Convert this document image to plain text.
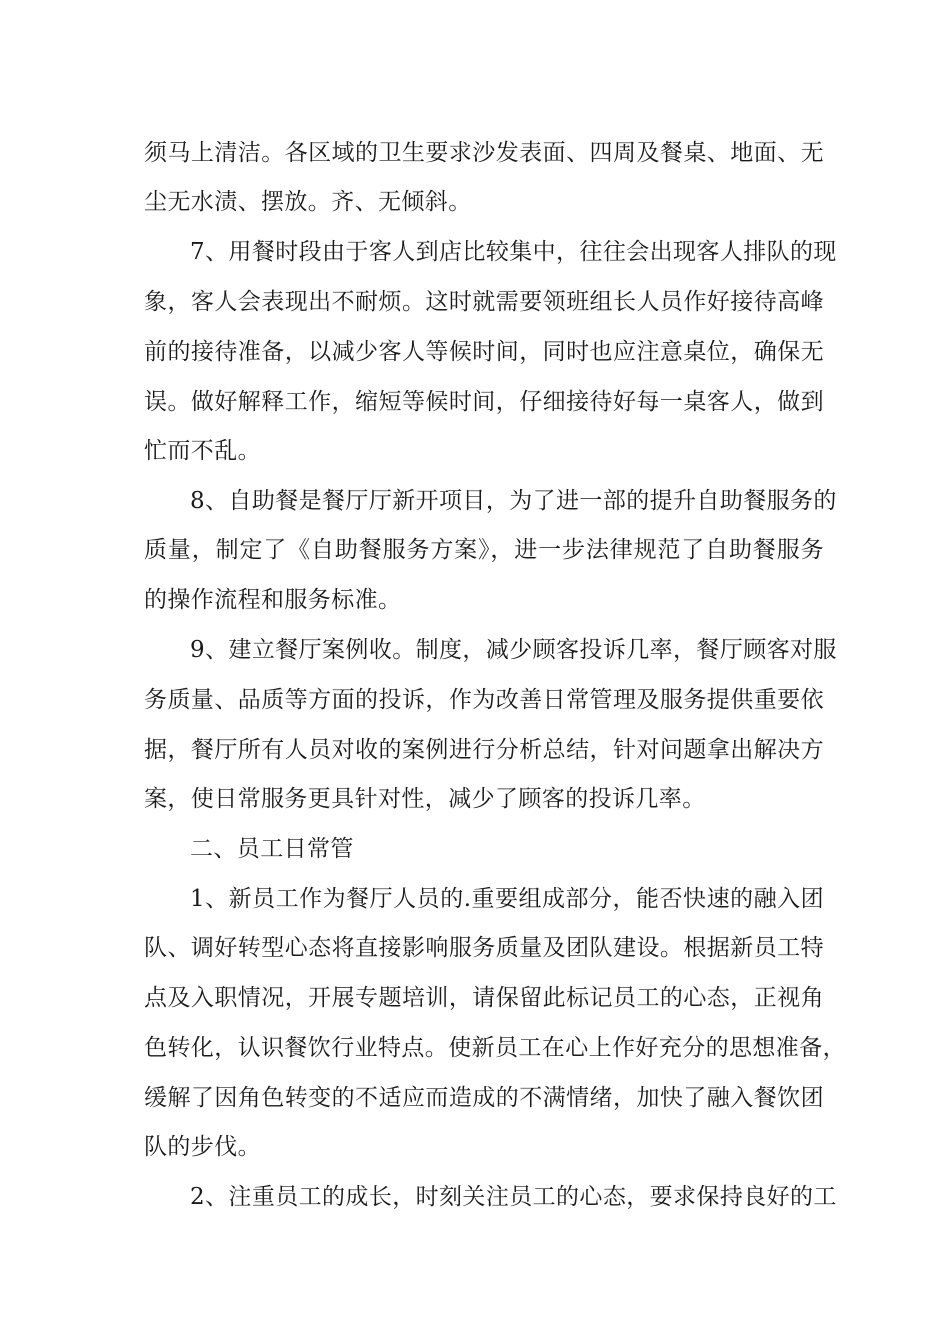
须马上清洁。各区域的卫生要求沙发表面、四周及餐桌、地面、无
尘无水渍、摆放。齐、无倾斜。
7、用餐时段由于客人到店比较集中，往往会出现客人排队的现
象，客人会表现出不耐烦。这时就需要领班组长人员作好接待高峰
前的接待准备，以减少客人等候时间，同时也应注意桌位，确保无
误。做好解释工作，缩短等候时间，仔细接待好每一桌客人，做到
忙而不乱。
8、自助餐是餐厅厅新开项目，为了进一部的提升自助餐服务的
质量，制定了《自助餐服务方案》，进一步法律规范了自助餐服务
的操作流程和服务标准。
9、建立餐厅案例收。制度，减少顾客投诉几率，餐厅顾客对服
务质量、品质等方面的投诉，作为改善日常管理及服务提供重要依
据，餐厅所有人员对收的案例进行分析总结，针对问题拿出解决方
案，使日常服务更具针对性，减少了顾客的投诉几率。
二、员工日常管
1、新员工作为餐厅人员的.重要组成部分，能否快速的融入团
队、调好转型心态将直接影响服务质量及团队建设。根据新员工特
点及入职情况，开展专题培训，请保留此标记员工的心态，正视角
色转化，认识餐饮行业特点。使新员工在心上作好充分的思想准备，
缓解了因角色转变的不适应而造成的不满情绪，加快了融入餐饮团
队的步伐。
2、注重员工的成长，时刻关注员工的心态，要求保持良好的工
